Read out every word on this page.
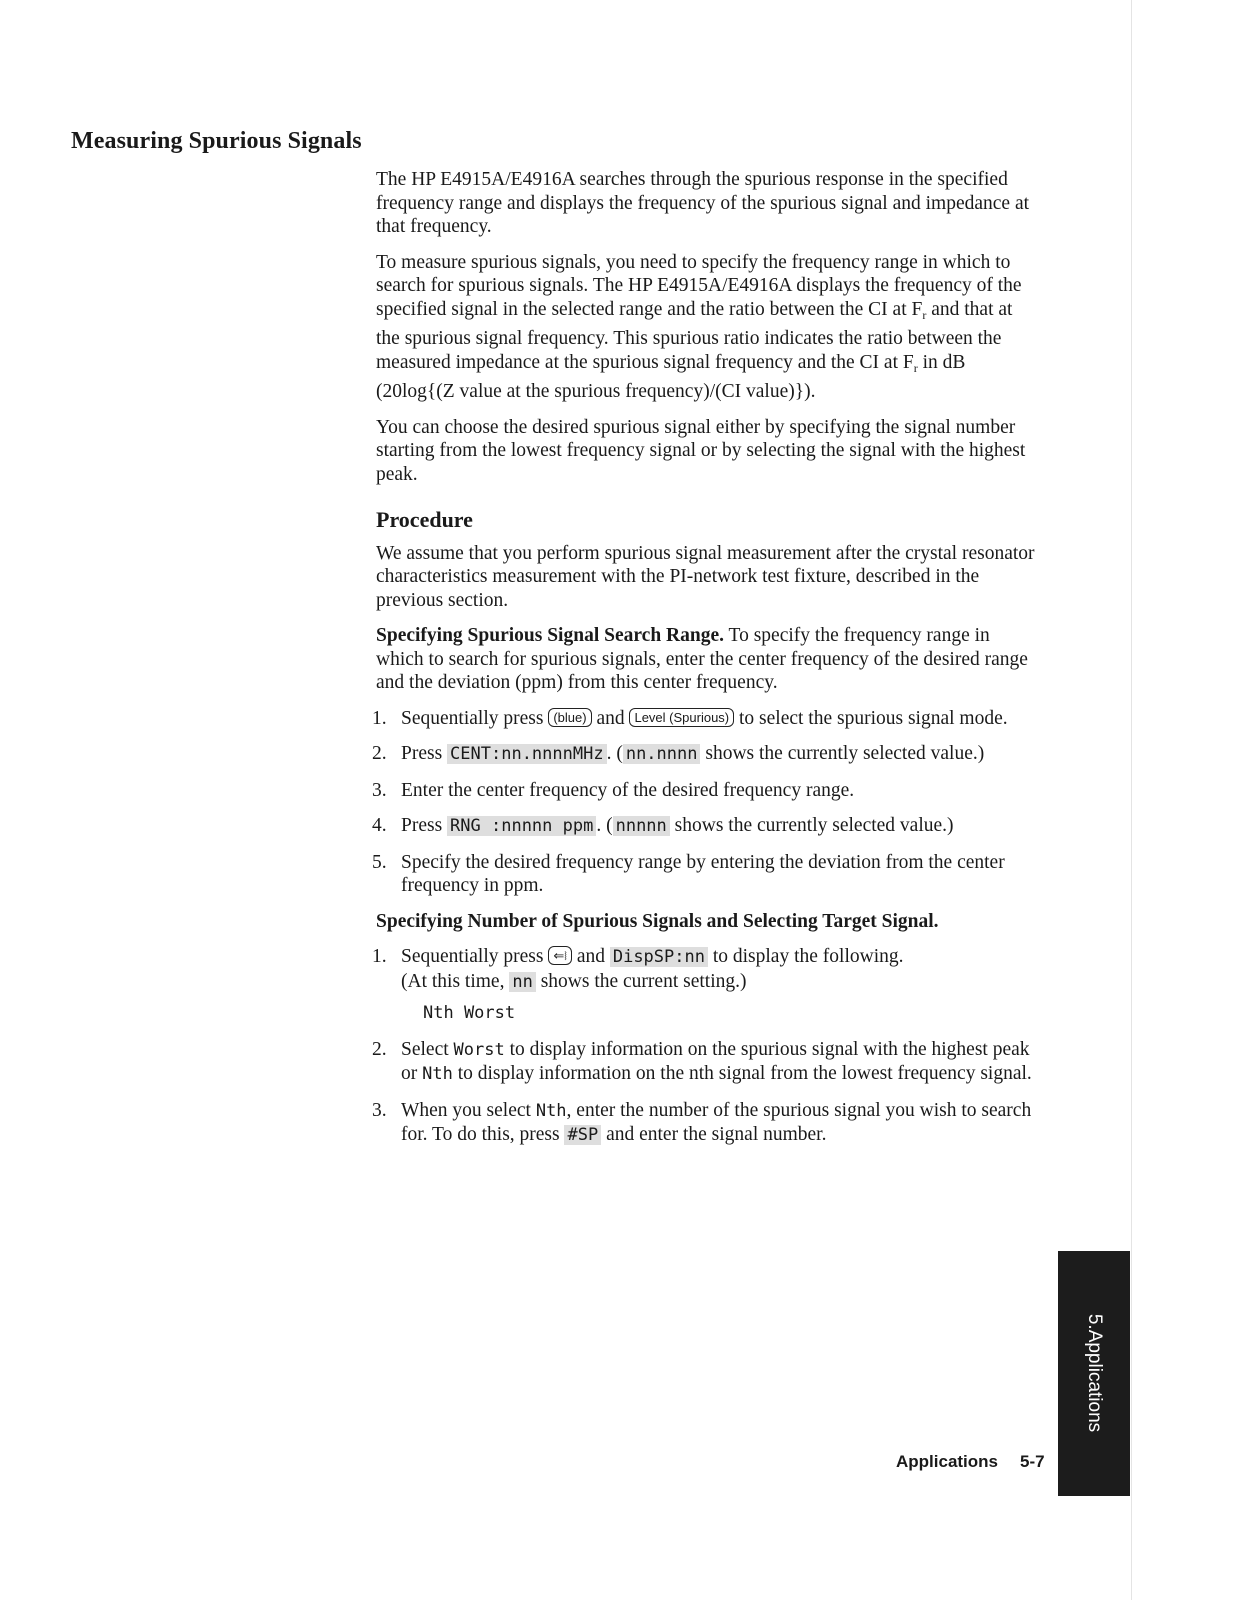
Measuring Spurious Signals

The HP E4915A/E4916A searches through the spurious response in the specified frequency range and displays the frequency of the spurious signal and impedance at that frequency.

To measure spurious signals, you need to specify the frequency range in which to search for spurious signals. The HP E4915A/E4916A displays the frequency of the specified signal in the selected range and the ratio between the CI at $F_r$ and that at the spurious signal frequency. This spurious ratio indicates the ratio between the measured impedance at the spurious signal frequency and the CI at $F_r$ in dB (20log{(Z value at the spurious frequency)/(CI value)}).

You can choose the desired spurious signal either by specifying the signal number starting from the lowest frequency signal or by selecting the signal with the highest peak.

Procedure

We assume that you perform spurious signal measurement after the crystal resonator characteristics measurement with the PI-network test fixture, described in the previous section.

Specifying Spurious Signal Search Range. To specify the frequency range in which to search for spurious signals, enter the center frequency of the desired range and the deviation (ppm) from this center frequency.

1. Sequentially press (blue) and Level (Spurious) to select the spurious signal mode.
2. Press CENT:nn.nnnnMHz . ( nn.nnnn shows the currently selected value.)
3. Enter the center frequency of the desired frequency range.
4. Press RNG :nnnnn ppm . ( nnnnn shows the currently selected value.)
5. Specify the desired frequency range by entering the deviation from the center frequency in ppm.

Specifying Number of Spurious Signals and Selecting Target Signal.

1. Sequentially press ⇐⧘ and DispSP:nn to display the following.
(At this time, nn shows the current setting.)
Nth Worst
2. Select Worst to display information on the spurious signal with the highest peak or Nth to display information on the nth signal from the lowest frequency signal.
3. When you select Nth, enter the number of the spurious signal you wish to search for. To do this, press #SP and enter the signal number.
5.Applications
Applications 5-7
